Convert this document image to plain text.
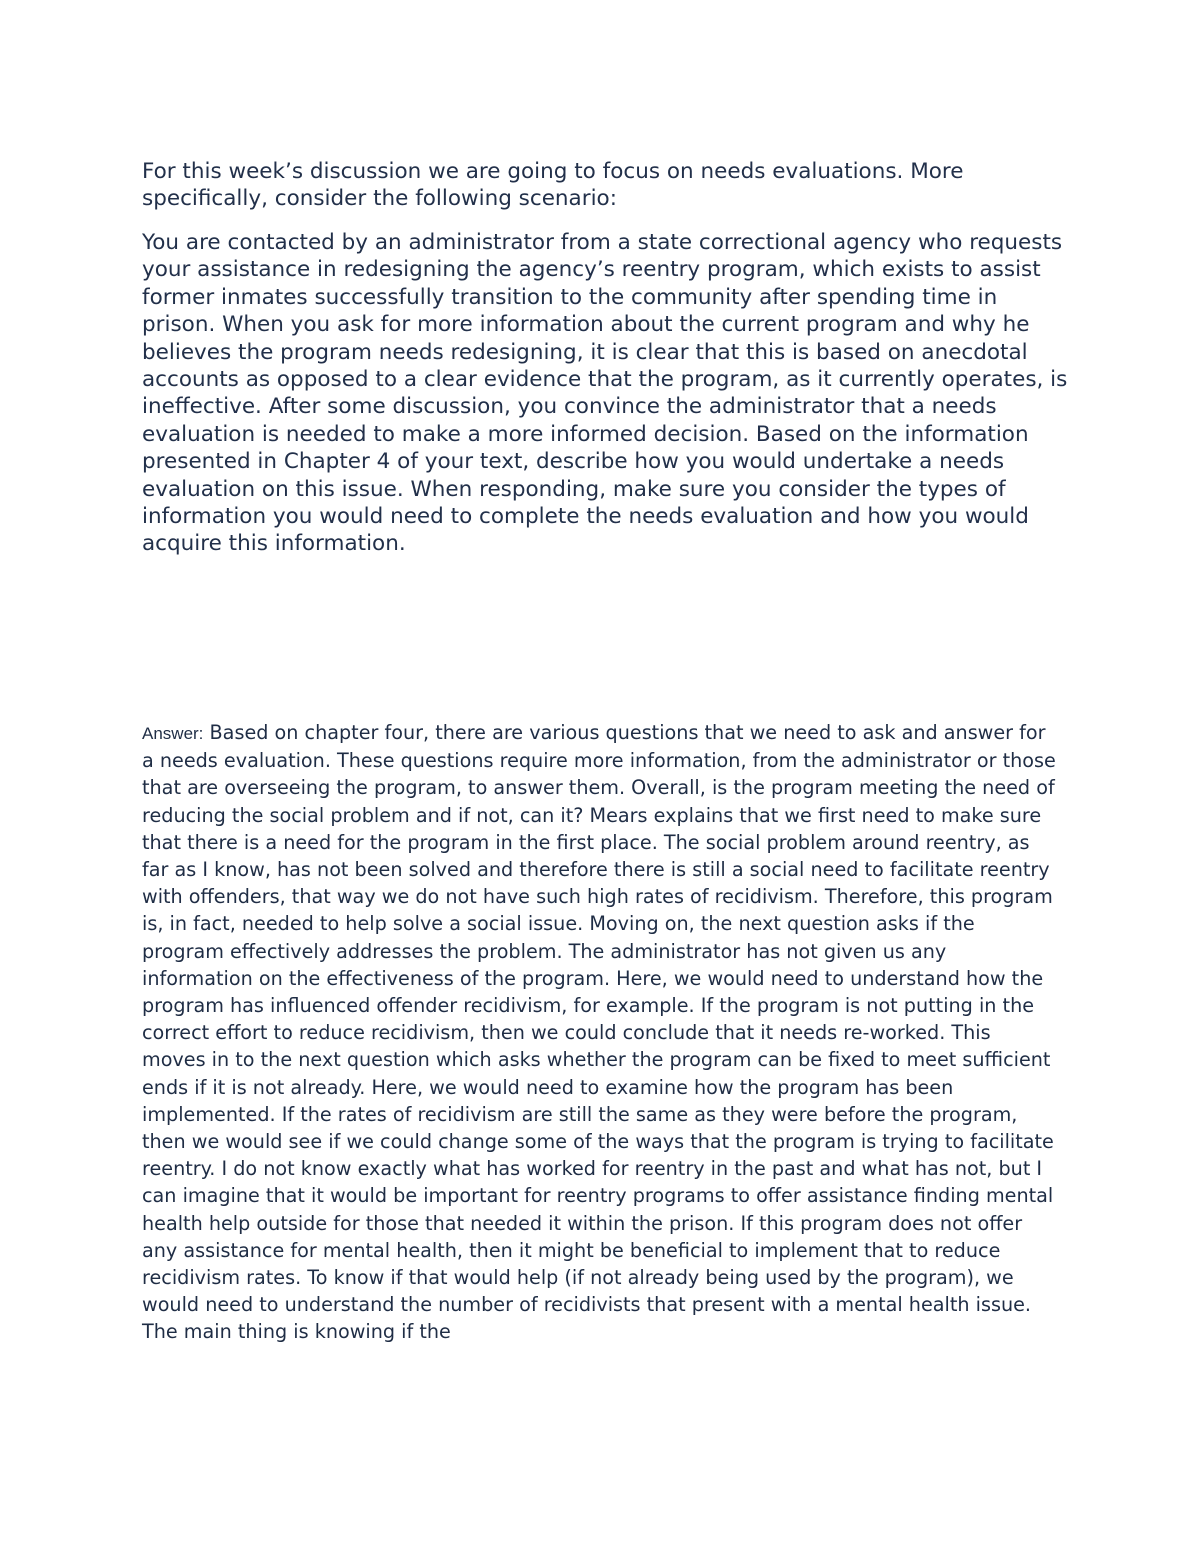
For this week’s discussion we are going to focus on needs evaluations. More specifically, consider the following scenario:

You are contacted by an administrator from a state correctional agency who requests your assistance in redesigning the agency’s reentry program, which exists to assist former inmates successfully transition to the community after spending time in prison. When you ask for more information about the current program and why he believes the program needs redesigning, it is clear that this is based on anecdotal accounts as opposed to a clear evidence that the program, as it currently operates, is ineffective. After some discussion, you convince the administrator that a needs evaluation is needed to make a more informed decision. Based on the information presented in Chapter 4 of your text, describe how you would undertake a needs evaluation on this issue. When responding, make sure you consider the types of information you would need to complete the needs evaluation and how you would acquire this information.

Answer: Based on chapter four, there are various questions that we need to ask and answer for a needs evaluation. These questions require more information, from the administrator or those that are overseeing the program, to answer them. Overall, is the program meeting the need of reducing the social problem and if not, can it? Mears explains that we first need to make sure that there is a need for the program in the first place. The social problem around reentry, as far as I know, has not been solved and therefore there is still a social need to facilitate reentry with offenders, that way we do not have such high rates of recidivism. Therefore, this program is, in fact, needed to help solve a social issue. Moving on, the next question asks if the program effectively addresses the problem. The administrator has not given us any information on the effectiveness of the program. Here, we would need to understand how the program has influenced offender recidivism, for example. If the program is not putting in the correct effort to reduce recidivism, then we could conclude that it needs re-worked. This moves in to the next question which asks whether the program can be fixed to meet sufficient ends if it is not already. Here, we would need to examine how the program has been implemented. If the rates of recidivism are still the same as they were before the program, then we would see if we could change some of the ways that the program is trying to facilitate reentry. I do not know exactly what has worked for reentry in the past and what has not, but I can imagine that it would be important for reentry programs to offer assistance finding mental health help outside for those that needed it within the prison. If this program does not offer any assistance for mental health, then it might be beneficial to implement that to reduce recidivism rates. To know if that would help (if not already being used by the program), we would need to understand the number of recidivists that present with a mental health issue. The main thing is knowing if the
